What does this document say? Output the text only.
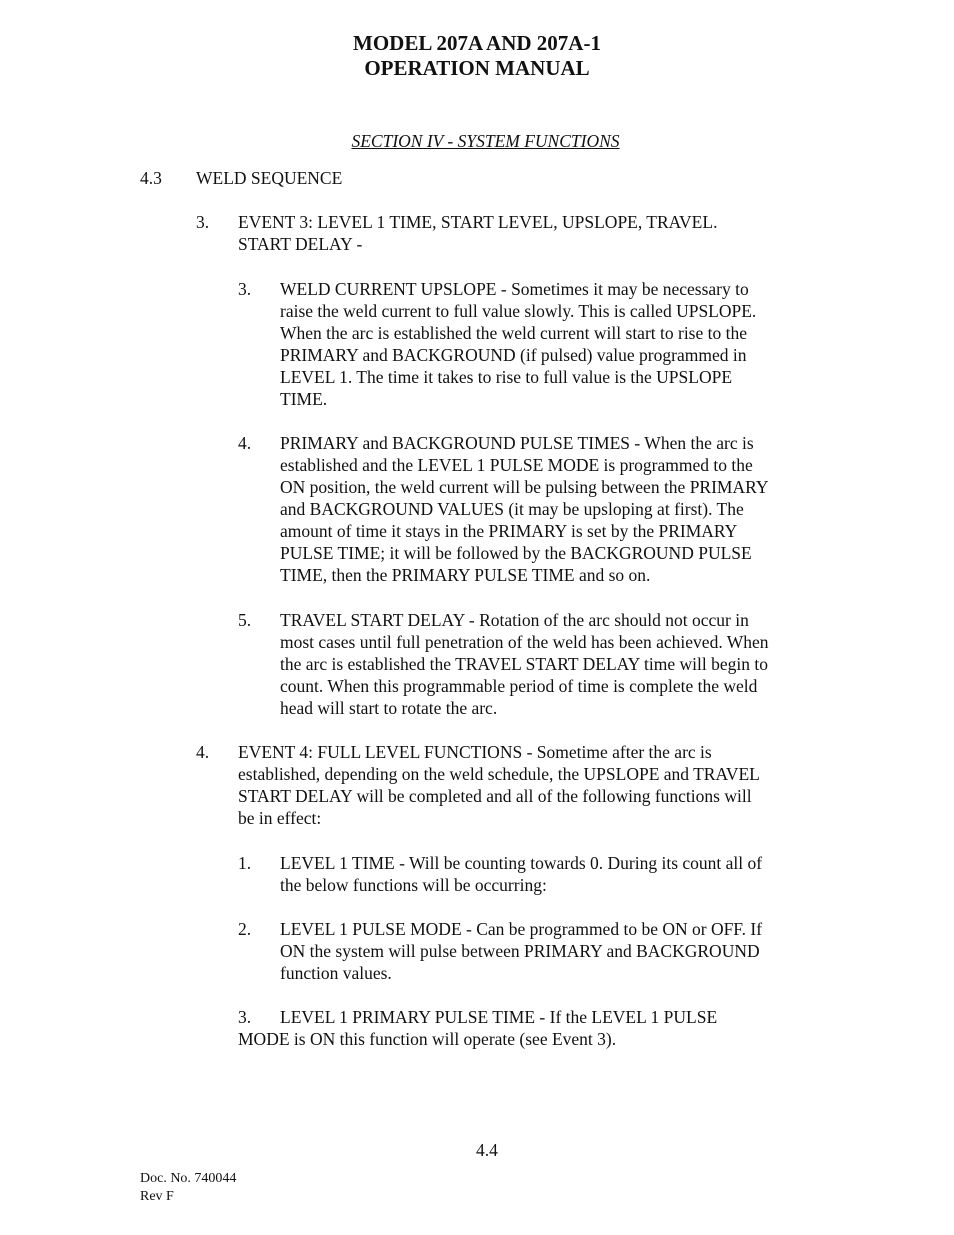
MODEL 207A AND 207A-1
OPERATION MANUAL
SECTION IV - SYSTEM FUNCTIONS
4.3 WELD SEQUENCE
3. EVENT 3: LEVEL 1 TIME, START LEVEL, UPSLOPE, TRAVEL.
START DELAY -
3. WELD CURRENT UPSLOPE - Sometimes it may be necessary to
raise the weld current to full value slowly. This is called UPSLOPE.
When the arc is established the weld current will start to rise to the
PRIMARY and BACKGROUND (if pulsed) value programmed in
LEVEL 1. The time it takes to rise to full value is the UPSLOPE
TIME.
4. PRIMARY and BACKGROUND PULSE TIMES - When the arc is
established and the LEVEL 1 PULSE MODE is programmed to the
ON position, the weld current will be pulsing between the PRIMARY
and BACKGROUND VALUES (it may be upsloping at first). The
amount of time it stays in the PRIMARY is set by the PRIMARY
PULSE TIME; it will be followed by the BACKGROUND PULSE
TIME, then the PRIMARY PULSE TIME and so on.
5. TRAVEL START DELAY - Rotation of the arc should not occur in
most cases until full penetration of the weld has been achieved. When
the arc is established the TRAVEL START DELAY time will begin to
count. When this programmable period of time is complete the weld
head will start to rotate the arc.
4. EVENT 4: FULL LEVEL FUNCTIONS - Sometime after the arc is
established, depending on the weld schedule, the UPSLOPE and TRAVEL
START DELAY will be completed and all of the following functions will
be in effect:
1. LEVEL 1 TIME - Will be counting towards 0. During its count all of
the below functions will be occurring:
2. LEVEL 1 PULSE MODE - Can be programmed to be ON or OFF. If
ON the system will pulse between PRIMARY and BACKGROUND
function values.
3. LEVEL 1 PRIMARY PULSE TIME - If the LEVEL 1 PULSE
MODE is ON this function will operate (see Event 3).
4.4
Doc. No. 740044
Rev F
